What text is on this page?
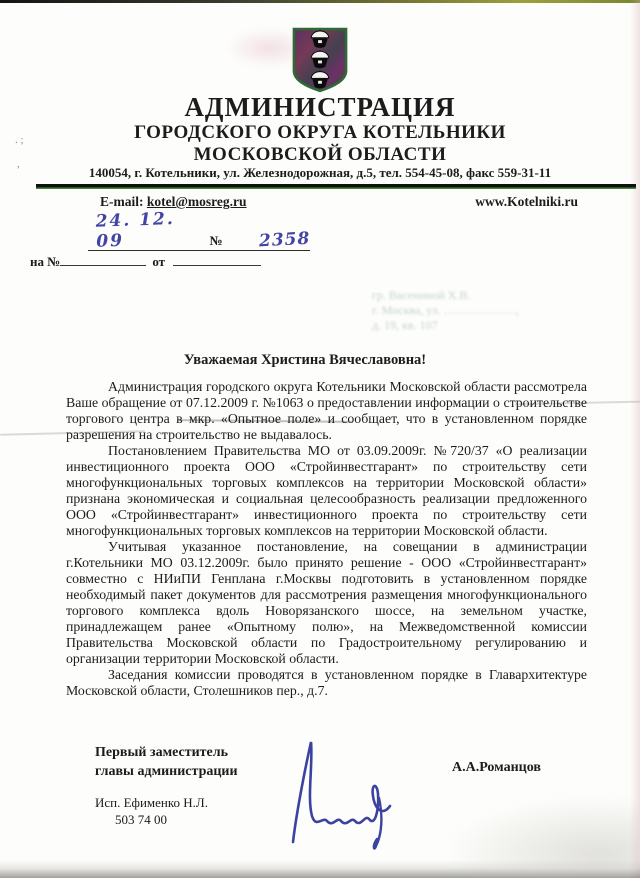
. ;
,
АДМИНИСТРАЦИЯ
ГОРОДСКОГО ОКРУГА КОТЕЛЬНИКИ
МОСКОВСКОЙ ОБЛАСТИ
140054, г. Котельники, ул. Железнодорожная, д.5, тел. 554-45-08, факс 559-31-11
E-mail: kotel@mosreg.ru	www.Kotelniki.ru
24. 12. 09	№ 2358
на №	от
гр. Васениной Х.В.
г. Москва, ул. ………………,
д. 19, кв. 107
Уважаемая Христина Вячеславовна!

Администрация городского округа Котельники Московской области рассмотрела Ваше обращение от 07.12.2009 г. №1063 о предоставлении информации о строительстве торгового центра в мкр. «Опытное поле» и сообщает, что в установленном порядке разрешения на строительство не выдавалось.

Постановлением Правительства МО от 03.09.2009г. №720/37 «О реализации инвестиционного проекта ООО «Стройинвестгарант» по строительству сети многофункциональных торговых комплексов на территории Московской области» признана экономическая и социальная целесообразность реализации предложенного ООО «Стройинвестгарант» инвестиционного проекта по строительству сети многофункциональных торговых комплексов на территории Московской области.

Учитывая указанное постановление, на совещании в администрации г.Котельники МО 03.12.2009г. было принято решение - ООО «Стройинвестгарант» совместно с НИиПИ Генплана г.Москвы подготовить в установленном порядке необходимый пакет документов для рассмотрения размещения многофункционального торгового комплекса вдоль Новорязанского шоссе, на земельном участке, принадлежащем ранее «Опытному полю», на Межведомственной комиссии Правительства Московской области по Градостроительному регулированию и организации территории Московской области.

Заседания комиссии проводятся в установленном порядке в Главархитектуре Московской области, Столешников пер., д.7.

Первый заместитель
главы администрации	А.А.Романцов
Исп. Ефименко Н.Л.
503 74 00
